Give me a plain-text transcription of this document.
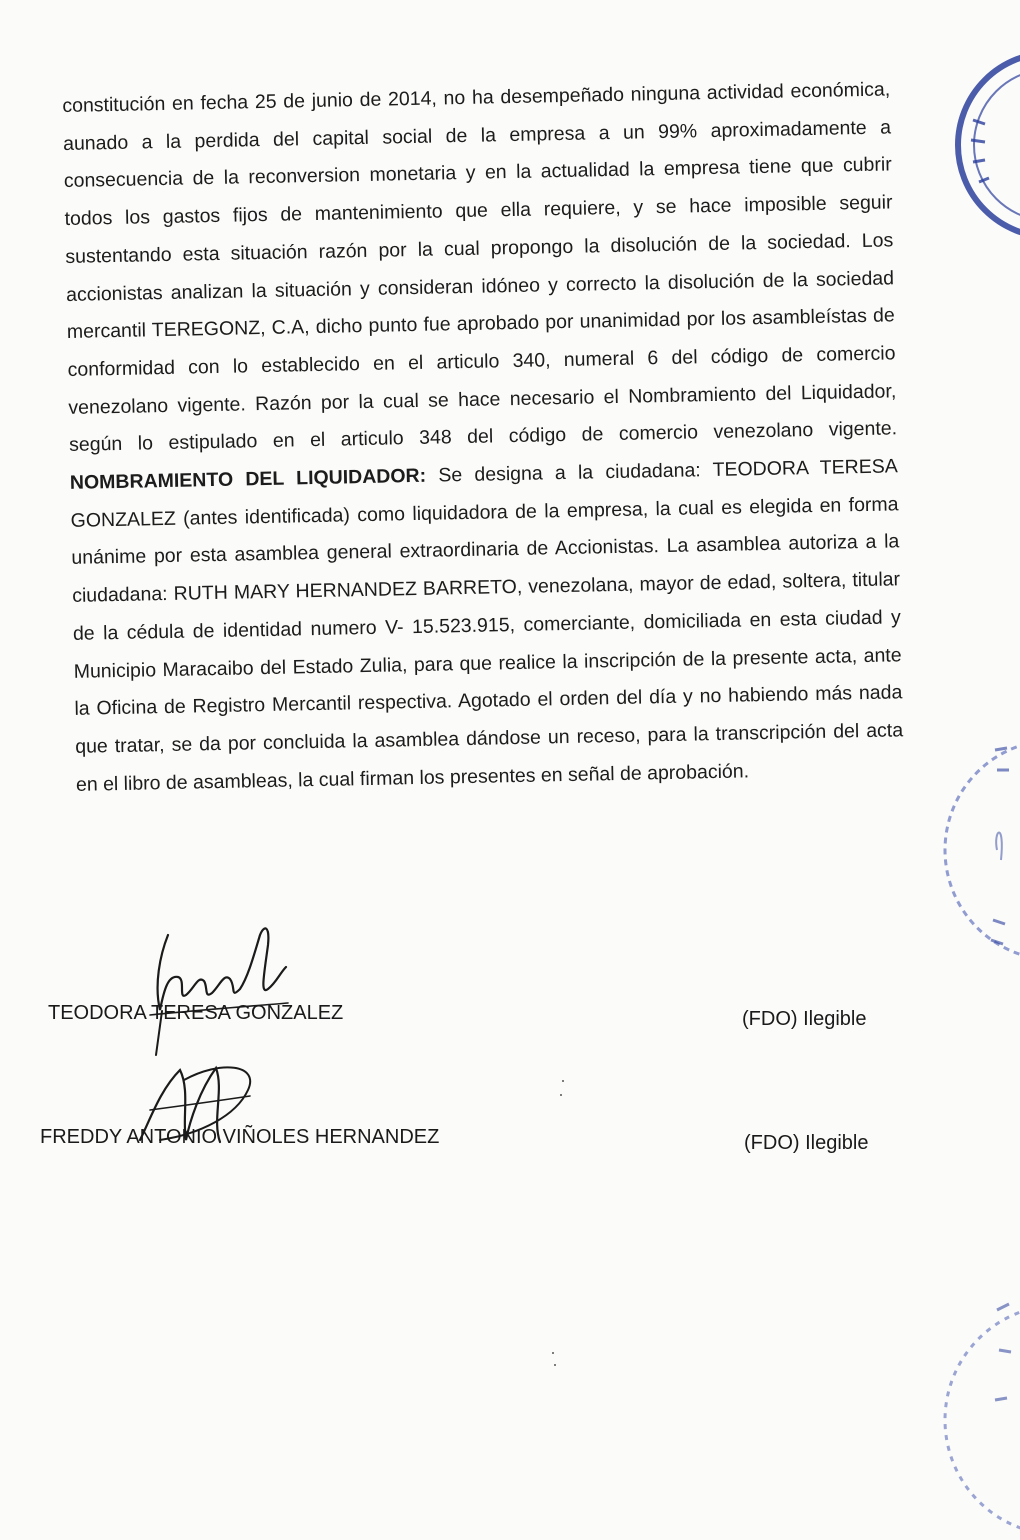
constitución en fecha 25 de junio de 2014, no ha desempeñado ninguna actividad económica, aunado a la perdida del capital social de la empresa a un 99% aproximadamente a consecuencia de la reconversion monetaria y en la actualidad la empresa tiene que cubrir todos los gastos fijos de mantenimiento que ella requiere, y se hace imposible seguir sustentando esta situación razón por la cual propongo la disolución de la sociedad. Los accionistas analizan la situación y consideran idóneo y correcto la disolución de la sociedad mercantil TEREGONZ, C.A, dicho punto fue aprobado por unanimidad por los asambleístas de conformidad con lo establecido en el articulo 340, numeral 6 del código de comercio venezolano vigente. Razón por la cual se hace necesario el Nombramiento del Liquidador, según lo estipulado en el articulo 348 del código de comercio venezolano vigente. NOMBRAMIENTO DEL LIQUIDADOR: Se designa a la ciudadana: TEODORA TERESA GONZALEZ (antes identificada) como liquidadora de la empresa, la cual es elegida en forma unánime por esta asamblea general extraordinaria de Accionistas. La asamblea autoriza a la ciudadana: RUTH MARY HERNANDEZ BARRETO, venezolana, mayor de edad, soltera, titular de la cédula de identidad numero V- 15.523.915, comerciante, domiciliada en esta ciudad y Municipio Maracaibo del Estado Zulia, para que realice la inscripción de la presente acta, ante la Oficina de Registro Mercantil respectiva. Agotado el orden del día y no habiendo más nada que tratar, se da por concluida la asamblea dándose un receso, para la transcripción del acta en el libro de asambleas, la cual firman los presentes en señal de aprobación.

TEODORA TERESA GONZALEZ	(FDO) Ilegible
FREDDY ANTONIO VIÑOLES HERNANDEZ	(FDO) Ilegible
